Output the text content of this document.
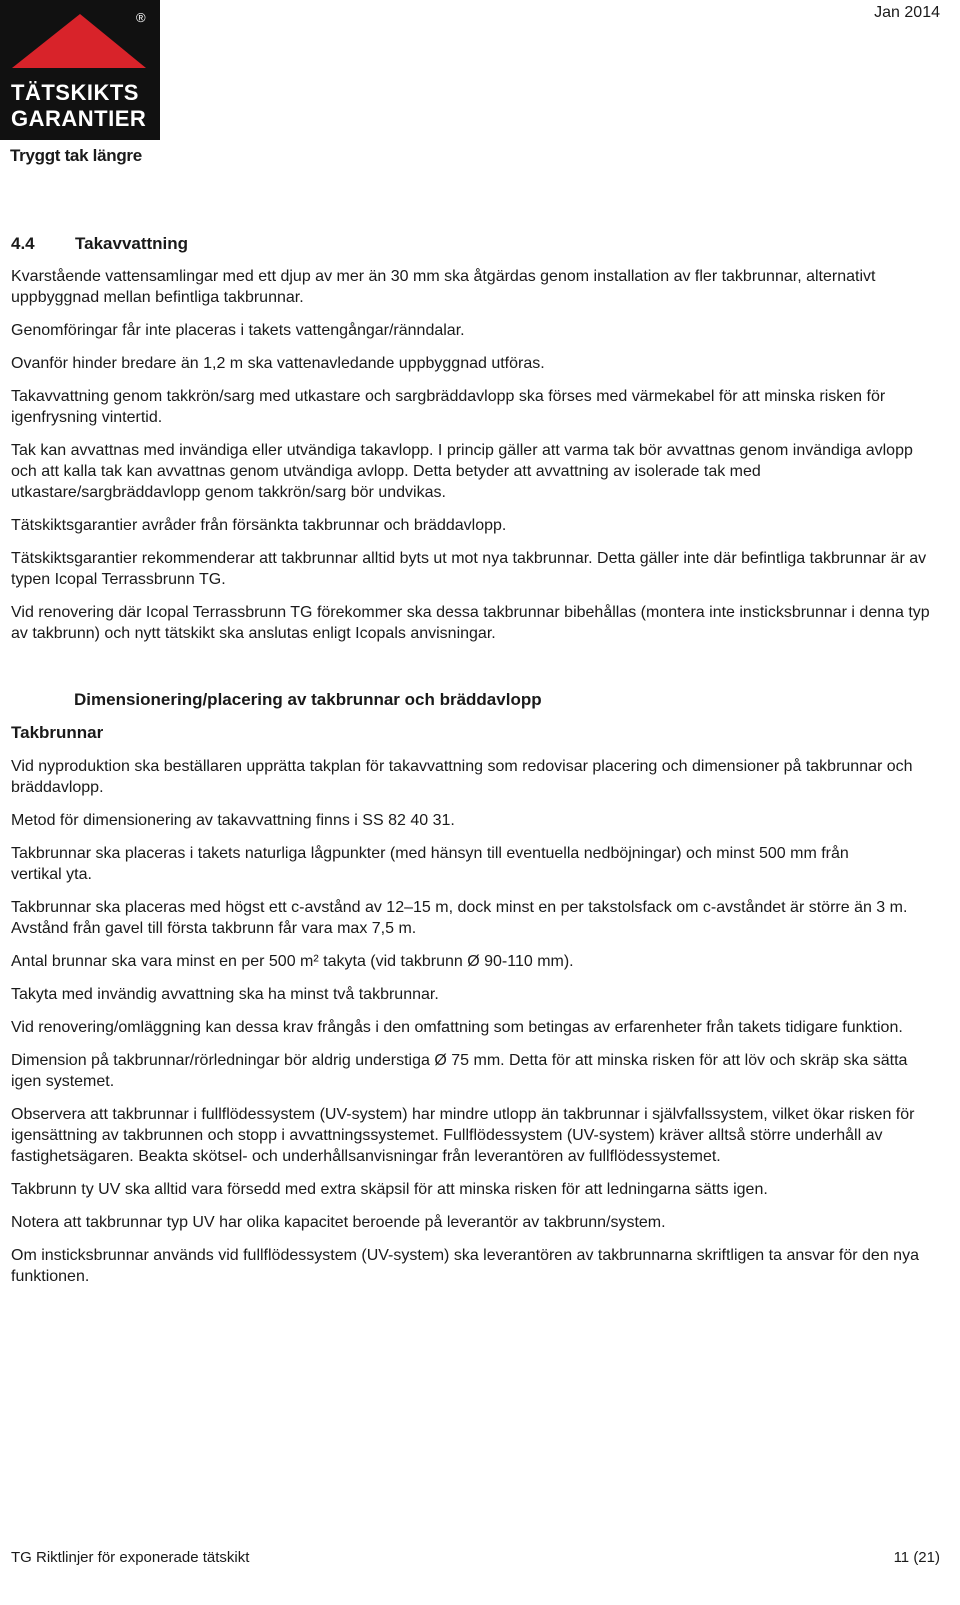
®
TÄTSKIKTS
GARANTIER
Tryggt tak längre
Jan 2014
4.4 Takavvattning

Kvarstående vattensamlingar med ett djup av mer än 30 mm ska åtgärdas genom installation av fler takbrunnar, alternativt uppbyggnad mellan befintliga takbrunnar.

Genomföringar får inte placeras i takets vattengångar/ränndalar.

Ovanför hinder bredare än 1,2 m ska vattenavledande uppbyggnad utföras.

Takavvattning genom takkrön/sarg med utkastare och sargbräddavlopp ska förses med värmekabel för att minska risken för igenfrysning vintertid.

Tak kan avvattnas med invändiga eller utvändiga takavlopp. I princip gäller att varma tak bör avvattnas genom invändiga avlopp och att kalla tak kan avvattnas genom utvändiga avlopp. Detta betyder att avvattning av isolerade tak med utkastare/sargbräddavlopp genom takkrön/sarg bör undvikas.

Tätskiktsgarantier avråder från försänkta takbrunnar och bräddavlopp.

Tätskiktsgarantier rekommenderar att takbrunnar alltid byts ut mot nya takbrunnar. Detta gäller inte där befintliga takbrunnar är av typen Icopal Terrassbrunn TG.

Vid renovering där Icopal Terrassbrunn TG förekommer ska dessa takbrunnar bibehållas (montera inte insticksbrunnar i denna typ av takbrunn) och nytt tätskikt ska anslutas enligt Icopals anvisningar.

Dimensionering/placering av takbrunnar och bräddavlopp
Takbrunnar

Vid nyproduktion ska beställaren upprätta takplan för takavvattning som redovisar placering och dimensioner på takbrunnar och bräddavlopp.

Metod för dimensionering av takavvattning finns i SS 82 40 31.

Takbrunnar ska placeras i takets naturliga lågpunkter (med hänsyn till eventuella nedböjningar) och minst 500 mm från vertikal yta.

Takbrunnar ska placeras med högst ett c-avstånd av 12–15 m, dock minst en per takstolsfack om c-avståndet är större än 3 m. Avstånd från gavel till första takbrunn får vara max 7,5 m.

Antal brunnar ska vara minst en per 500 m² takyta (vid takbrunn Ø 90-110 mm).

Takyta med invändig avvattning ska ha minst två takbrunnar.

Vid renovering/omläggning kan dessa krav frångås i den omfattning som betingas av erfarenheter från takets tidigare funktion.

Dimension på takbrunnar/rörledningar bör aldrig understiga Ø 75 mm. Detta för att minska risken för att löv och skräp ska sätta igen systemet.

Observera att takbrunnar i fullflödessystem (UV-system) har mindre utlopp än takbrunnar i självfallssystem, vilket ökar risken för igensättning av takbrunnen och stopp i avvattningssystemet. Fullflödessystem (UV-system) kräver alltså större underhåll av fastighetsägaren. Beakta skötsel- och underhållsanvisningar från leverantören av fullflödessystemet.

Takbrunn ty UV ska alltid vara försedd med extra skäpsil för att minska risken för att ledningarna sätts igen.

Notera att takbrunnar typ UV har olika kapacitet beroende på leverantör av takbrunn/system.

Om insticksbrunnar används vid fullflödessystem (UV-system) ska leverantören av takbrunnarna skriftligen ta ansvar för den nya funktionen.

TG Riktlinjer för exponerade tätskikt	11 (21)
